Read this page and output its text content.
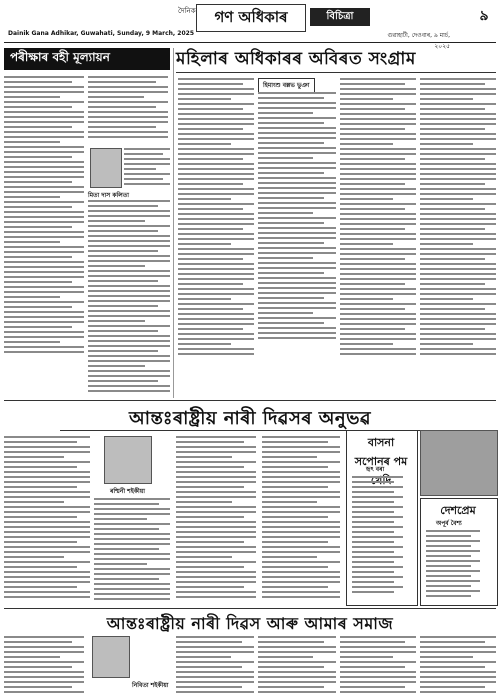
দৈনিক গণ অধিকাৰ	বিচিত্ৰা
Dainik Gana Adhikar, Guwahati, Sunday, 9 March, 2025	গুৱাহাটী, দেওবাৰ, ৯ মাৰ্চ, ২০২৫
৯
পৰীক্ষাৰ বহী মূল্যায়ন	মহিলাৰ অধিকাৰৰ অবিৰত সংগ্ৰাম
মিতা দাস কলিতা
হিমাংশু বল্লভ ভুঞা
আন্তঃৰাষ্ট্ৰীয় নাৰী দিৱসৰ অনুভৱ
ৰশ্মিনী শইকীয়া
বাসনা সপোনৰ পম
হৃৎ বৰা
দেশপ্ৰেম
অপূৰ্ব বৈশ্য
আন্তঃৰাষ্ট্ৰীয় নাৰী দিৱস আৰু আমাৰ সমাজ
নিবিতা শইকীয়া
